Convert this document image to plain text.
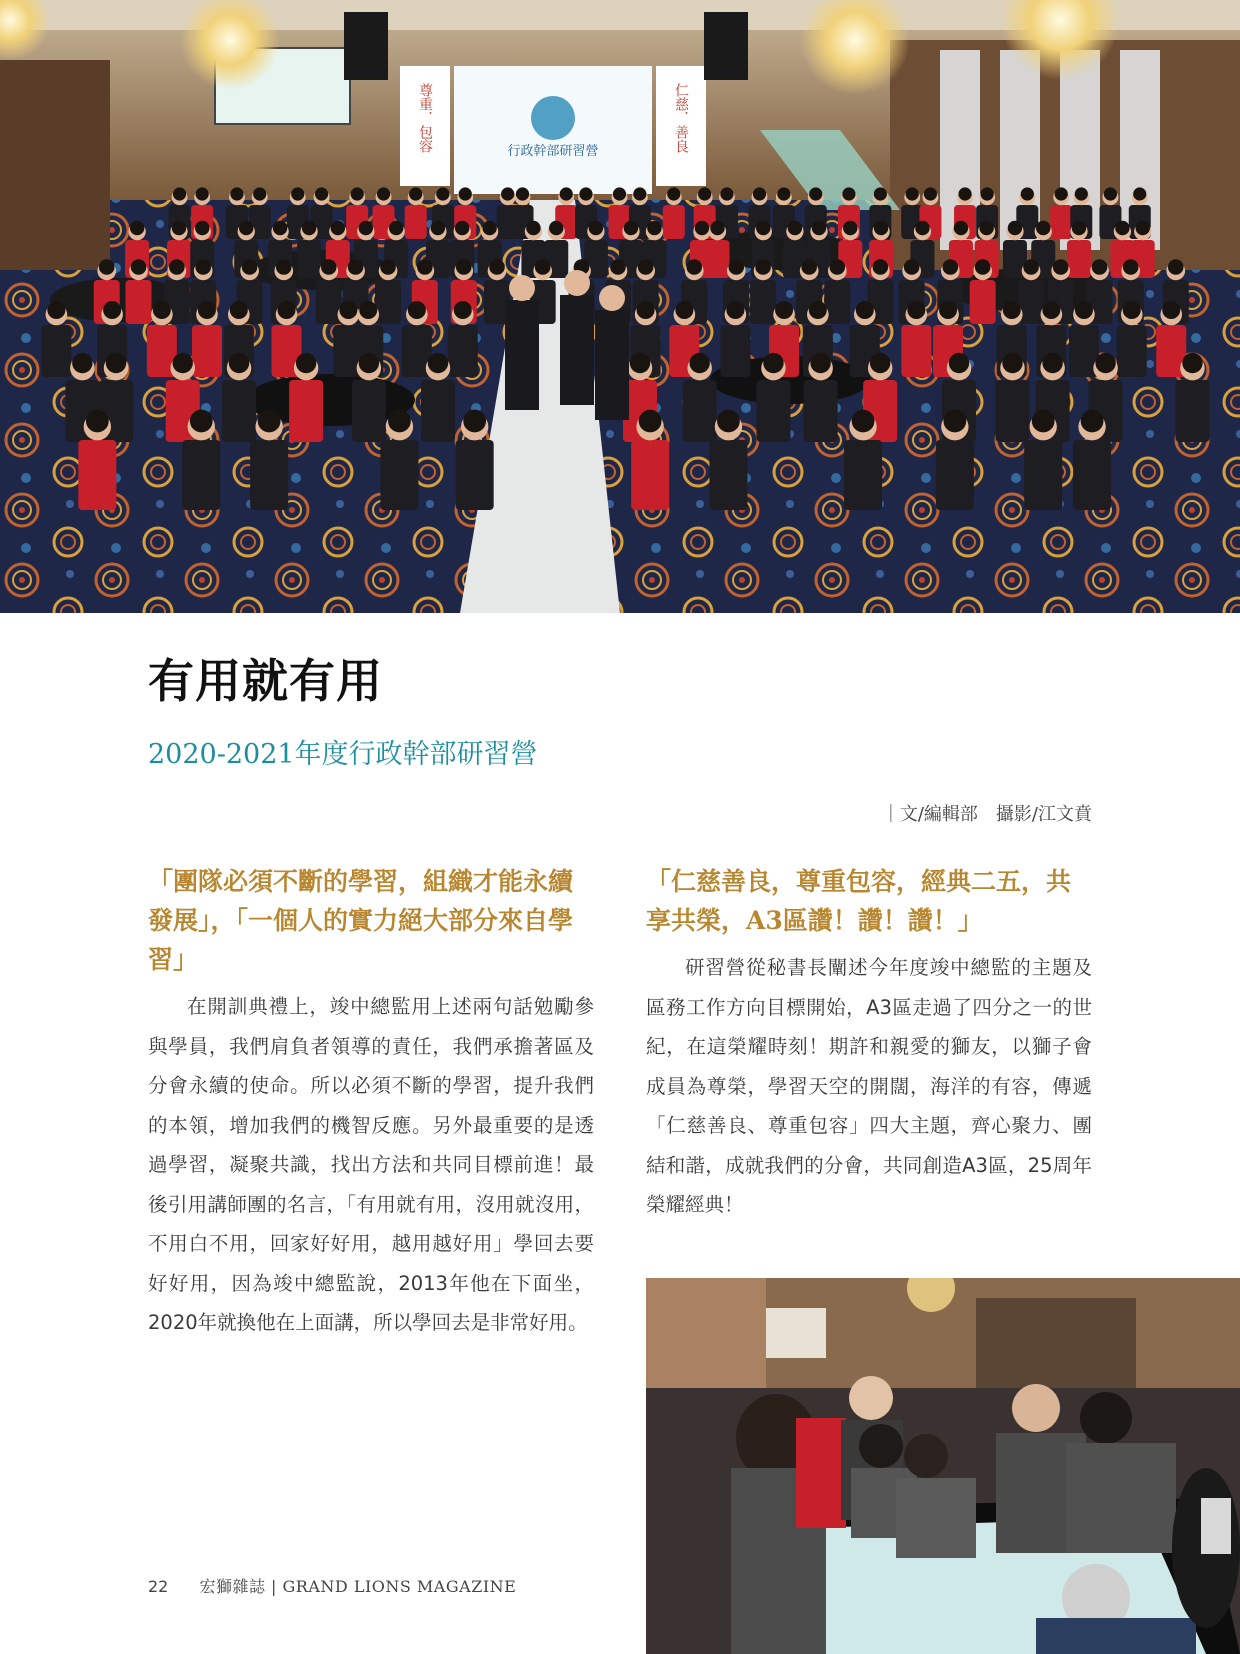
尊重．包容	仁慈．善良
行政幹部研習營
有用就有用
2020-2021年度行政幹部研習營
｜文/編輯部　攝影/江文賁

「團隊必須不斷的學習，組織才能永續發展」，「一個人的實力絕大部分來自學習」

在開訓典禮上，竣中總監用上述兩句話勉勵參與學員，我們肩負者領導的責任，我們承擔著區及分會永續的使命。所以必須不斷的學習，提升我們的本領，增加我們的機智反應。另外最重要的是透過學習，凝聚共識，找出方法和共同目標前進！最後引用講師團的名言，「有用就有用，沒用就沒用，不用白不用，回家好好用，越用越好用」學回去要好好用，因為竣中總監說，2013年他在下面坐，2020年就換他在上面講，所以學回去是非常好用。

「仁慈善良，尊重包容，經典二五，共享共榮，A3區讚！讚！讚！」

研習營從秘書長闡述今年度竣中總監的主題及區務工作方向目標開始，A3區走過了四分之一的世紀，在這榮耀時刻！期許和親愛的獅友，以獅子會成員為尊榮，學習天空的開闊，海洋的有容，傳遞「仁慈善良、尊重包容」四大主題，齊心聚力、團結和諧，成就我們的分會，共同創造A3區，25周年榮耀經典！

22 宏獅雜誌 | GRAND LIONS MAGAZINE
